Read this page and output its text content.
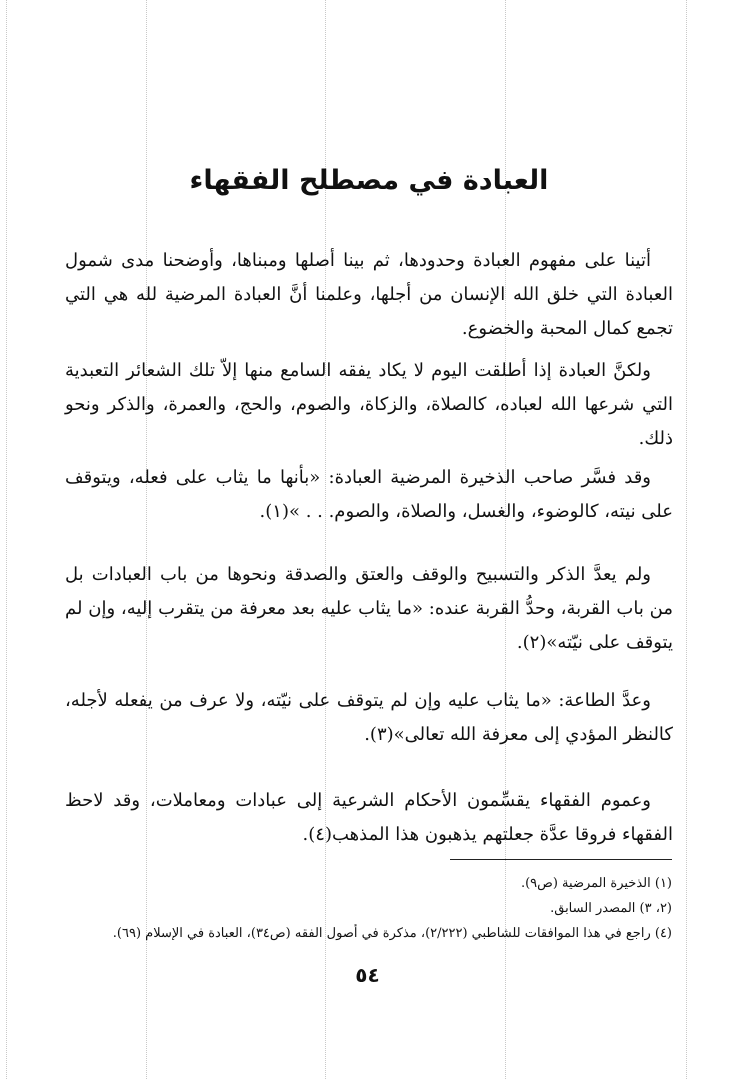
العبادة في مصطلح الفقهاء
أتينا على مفهوم العبادة وحدودها، ثم بينا أصلها ومبناها، وأوضحنا مدى شمول العبادة التي خلق الله الإنسان من أجلها، وعلمنا أنَّ العبادة المرضية لله هي التي تجمع كمال المحبة والخضوع.
ولكنَّ العبادة إذا أطلقت اليوم لا يكاد يفقه السامع منها إلاّ تلك الشعائر التعبدية التي شرعها الله لعباده، كالصلاة، والزكاة، والصوم، والحج، والعمرة، والذكر ونحو ذلك.
وقد فسَّر صاحب الذخيرة المرضية العبادة: «بأنها ما يثاب على فعله، ويتوقف على نيته، كالوضوء، والغسل، والصلاة، والصوم. . . »(١).
ولم يعدَّ الذكر والتسبيح والوقف والعتق والصدقة ونحوها من باب العبادات بل من باب القربة، وحدُّ القربة عنده: «ما يثاب عليه بعد معرفة من يتقرب إليه، وإن لم يتوقف على نيّته»(٢).
وعدَّ الطاعة: «ما يثاب عليه وإن لم يتوقف على نيّته، ولا عرف من يفعله لأجله، كالنظر المؤدي إلى معرفة الله تعالى»(٣).
وعموم الفقهاء يقسِّمون الأحكام الشرعية إلى عبادات ومعاملات، وقد لاحظ الفقهاء فروقا عدَّة جعلتهم يذهبون هذا المذهب(٤).
(١) الذخيرة المرضية (ص٩).
(٢، ٣) المصدر السابق.
(٤) راجع في هذا الموافقات للشاطبي (٢/٢٢٢)، مذكرة في أصول الفقه (ص٣٤)، العبادة في الإسلام (٦٩).
٥٤
